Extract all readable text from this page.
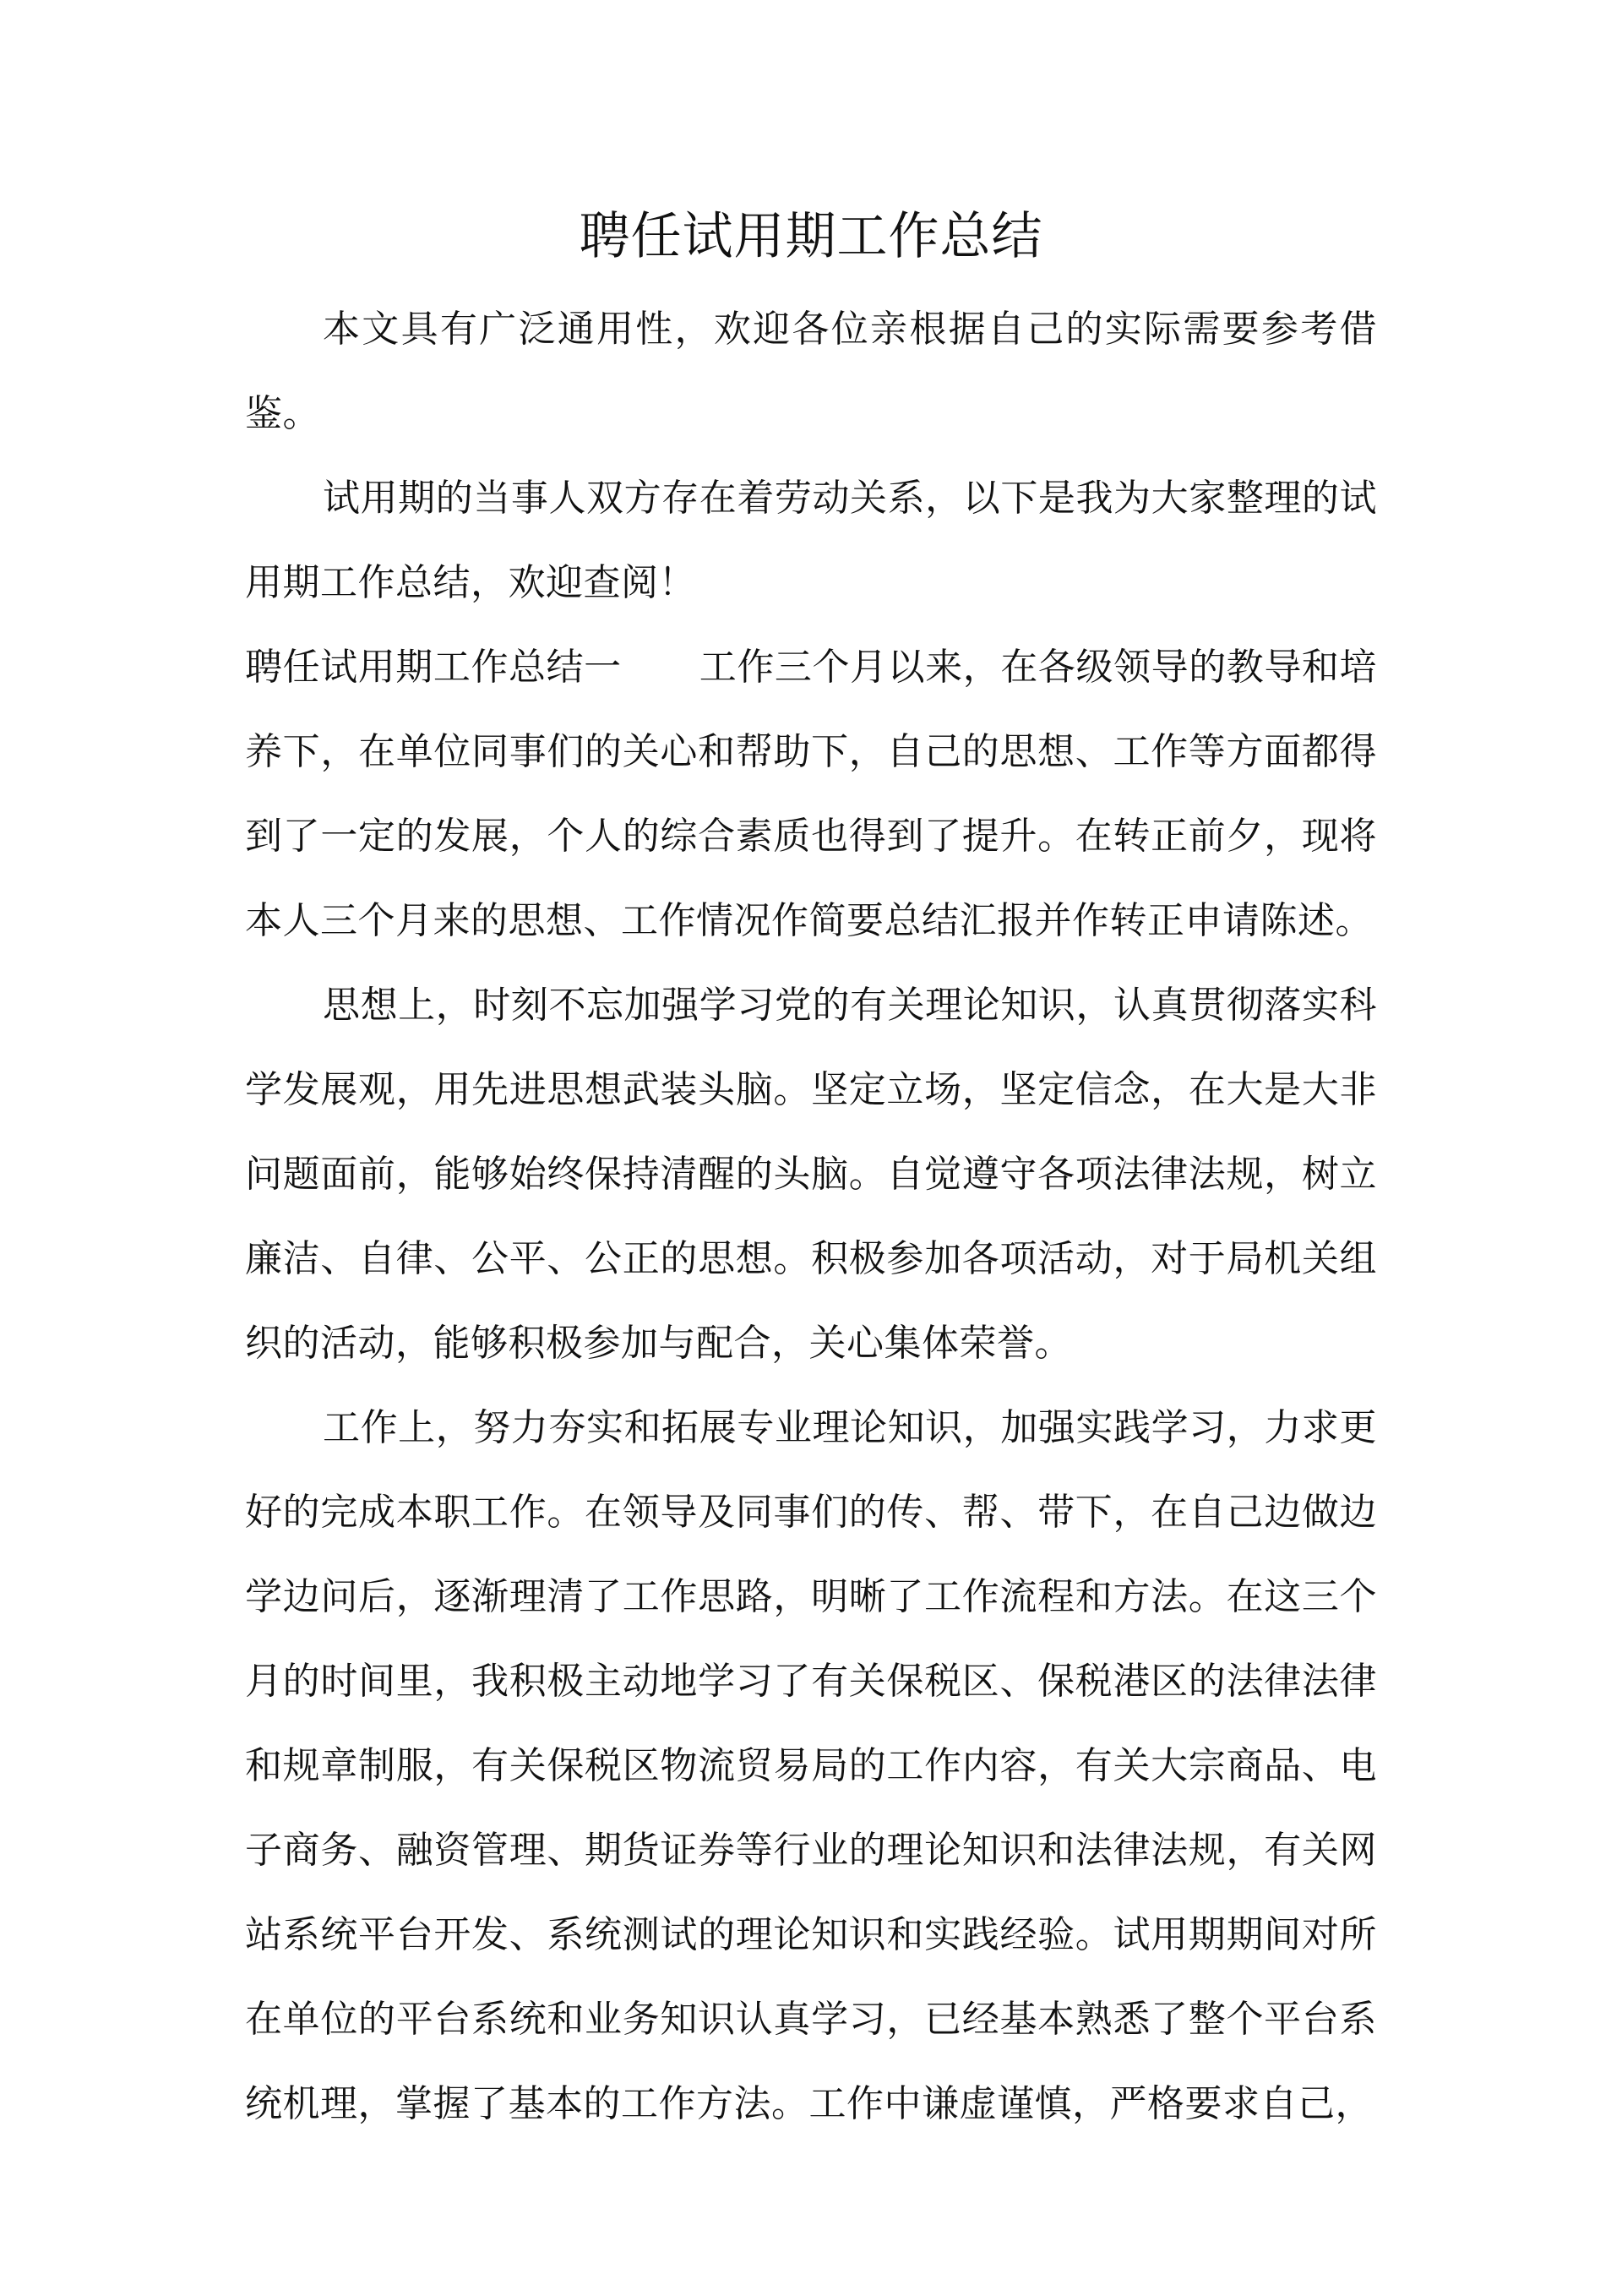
聘任试用期工作总结

本文具有广泛通用性，欢迎各位亲根据自己的实际需要参考借鉴。

试用期的当事人双方存在着劳动关系，以下是我为大家整理的试用期工作总结，欢迎查阅！

聘任试用期工作总结一 工作三个月以来，在各级领导的教导和培养下，在单位同事们的关心和帮助下，自己的思想、工作等方面都得到了一定的发展，个人的综合素质也得到了提升。在转正前夕，现将本人三个月来的思想、工作情况作简要总结汇报并作转正申请陈述。

思想上，时刻不忘加强学习党的有关理论知识，认真贯彻落实科学发展观，用先进思想武装头脑。坚定立场，坚定信念，在大是大非问题面前，能够始终保持清醒的头脑。自觉遵守各项法律法规，树立廉洁、自律、公平、公正的思想。积极参加各项活动，对于局机关组织的活动，能够积极参加与配合，关心集体荣誉。

工作上，努力夯实和拓展专业理论知识，加强实践学习，力求更好的完成本职工作。在领导及同事们的传、帮、带下，在自己边做边学边问后，逐渐理清了工作思路，明晰了工作流程和方法。在这三个月的时间里，我积极主动地学习了有关保税区、保税港区的法律法律和规章制服，有关保税区物流贸易局的工作内容，有关大宗商品、电子商务、融资管理、期货证券等行业的理论知识和法律法规，有关网站系统平台开发、系统测试的理论知识和实践经验。试用期期间对所在单位的平台系统和业务知识认真学习，已经基本熟悉了整个平台系统机理，掌握了基本的工作方法。工作中谦虚谨慎，严格要求自己，
